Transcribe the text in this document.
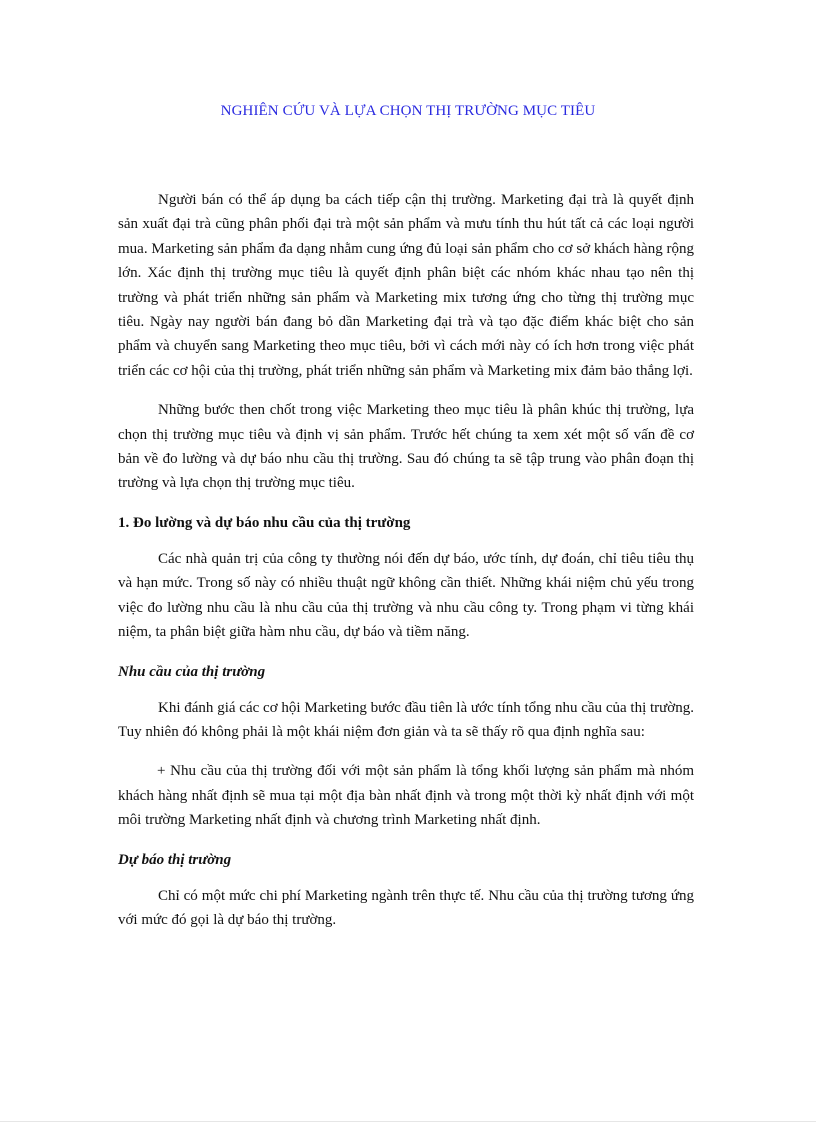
NGHIÊN CỨU VÀ LỰA CHỌN THỊ TRƯỜNG MỤC TIÊU

Người bán có thể áp dụng ba cách tiếp cận thị trường. Marketing đại trà là quyết định sản xuất đại trà cũng phân phối đại trà một sản phẩm và mưu tính thu hút tất cả các loại người mua. Marketing sản phẩm đa dạng nhằm cung ứng đủ loại sản phẩm cho cơ sở khách hàng rộng lớn. Xác định thị trường mục tiêu là quyết định phân biệt các nhóm khác nhau tạo nên thị trường và phát triển những sản phẩm và Marketing mix tương ứng cho từng thị trường mục tiêu. Ngày nay người bán đang bỏ dần Marketing đại trà và tạo đặc điểm khác biệt cho sản phẩm và chuyển sang Marketing theo mục tiêu, bởi vì cách mới này có ích hơn trong việc phát triển các cơ hội của thị trường, phát triển những sản phẩm và Marketing mix đảm bảo thắng lợi.

Những bước then chốt trong việc Marketing theo mục tiêu là phân khúc thị trường, lựa chọn thị trường mục tiêu và định vị sản phẩm. Trước hết chúng ta xem xét một số vấn đề cơ bản về đo lường và dự báo nhu cầu thị trường. Sau đó chúng ta sẽ tập trung vào phân đoạn thị trường và lựa chọn thị trường mục tiêu.

1. Đo lường và dự báo nhu cầu của thị trường

Các nhà quản trị của công ty thường nói đến dự báo, ước tính, dự đoán, chỉ tiêu tiêu thụ và hạn mức. Trong số này có nhiều thuật ngữ không cần thiết. Những khái niệm chủ yếu trong việc đo lường nhu cầu là nhu cầu của thị trường và nhu cầu công ty. Trong phạm vi từng khái niệm, ta phân biệt giữa hàm nhu cầu, dự báo và tiềm năng.

Nhu cầu của thị trường

Khi đánh giá các cơ hội Marketing bước đầu tiên là ước tính tổng nhu cầu của thị trường. Tuy nhiên đó không phải là một khái niệm đơn giản và ta sẽ thấy rõ qua định nghĩa sau:

+ Nhu cầu của thị trường đối với một sản phẩm là tổng khối lượng sản phẩm mà nhóm khách hàng nhất định sẽ mua tại một địa bàn nhất định và trong một thời kỳ nhất định với một môi trường Marketing nhất định và chương trình Marketing nhất định.

Dự báo thị trường

Chỉ có một mức chi phí Marketing ngành trên thực tế. Nhu cầu của thị trường tương ứng với mức đó gọi là dự báo thị trường.
